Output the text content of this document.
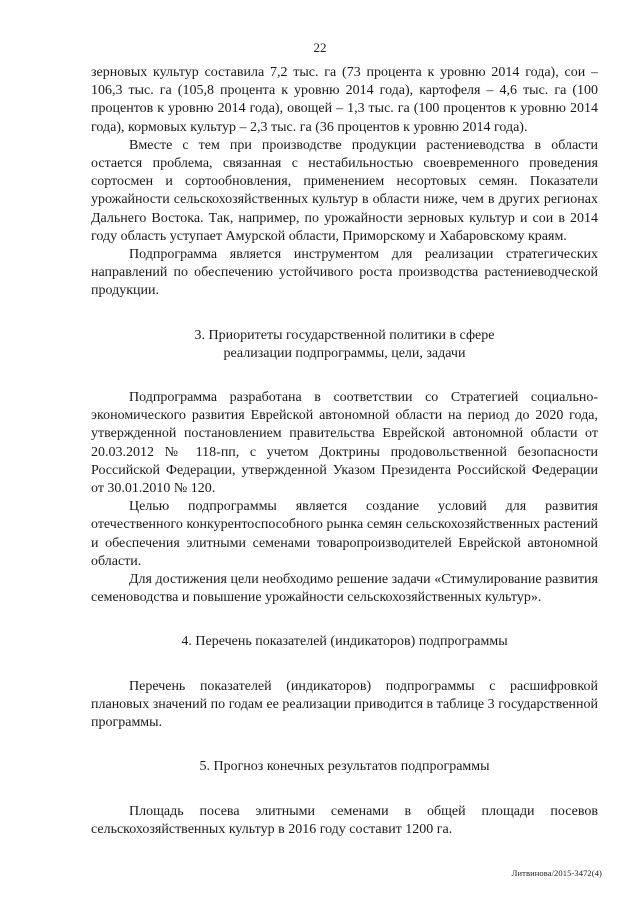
22

зерновых культур составила 7,2 тыс. га (73 процента к уровню 2014 года), сои – 106,3 тыс. га (105,8 процента к уровню 2014 года), картофеля – 4,6 тыс. га (100 процентов к уровню 2014 года), овощей – 1,3 тыс. га (100 процентов к уровню 2014 года), кормовых культур – 2,3 тыс. га (36 процентов к уровню 2014 года).

Вместе с тем при производстве продукции растениеводства в области остается проблема, связанная с нестабильностью своевременного проведения сортосмен и сортообновления, применением несортовых семян. Показатели урожайности сельскохозяйственных культур в области ниже, чем в других регионах Дальнего Востока. Так, например, по урожайности зерновых культур и сои в 2014 году область уступает Амурской области, Приморскому и Хабаровскому краям.

Подпрограмма является инструментом для реализации стратегических направлений по обеспечению устойчивого роста производства растениеводческой продукции.

3. Приоритеты государственной политики в сфере

реализации подпрограммы, цели, задачи

Подпрограмма разработана в соответствии со Стратегией социально-экономического развития Еврейской автономной области на период до 2020 года, утвержденной постановлением правительства Еврейской автономной области от 20.03.2012 № 118-пп, с учетом Доктрины продовольственной безопасности Российской Федерации, утвержденной Указом Президента Российской Федерации от 30.01.2010 № 120.

Целью подпрограммы является создание условий для развития отечественного конкурентоспособного рынка семян сельскохозяйственных растений и обеспечения элитными семенами товаропроизводителей Еврейской автономной области.

Для достижения цели необходимо решение задачи «Стимулирование развития семеноводства и повышение урожайности сельскохозяйственных культур».

4. Перечень показателей (индикаторов) подпрограммы

Перечень показателей (индикаторов) подпрограммы с расшифровкой плановых значений по годам ее реализации приводится в таблице 3 государственной программы.

5. Прогноз конечных результатов подпрограммы

Площадь посева элитными семенами в общей площади посевов сельскохозяйственных культур в 2016 году составит 1200 га.

Литвинова/2015-3472(4)
